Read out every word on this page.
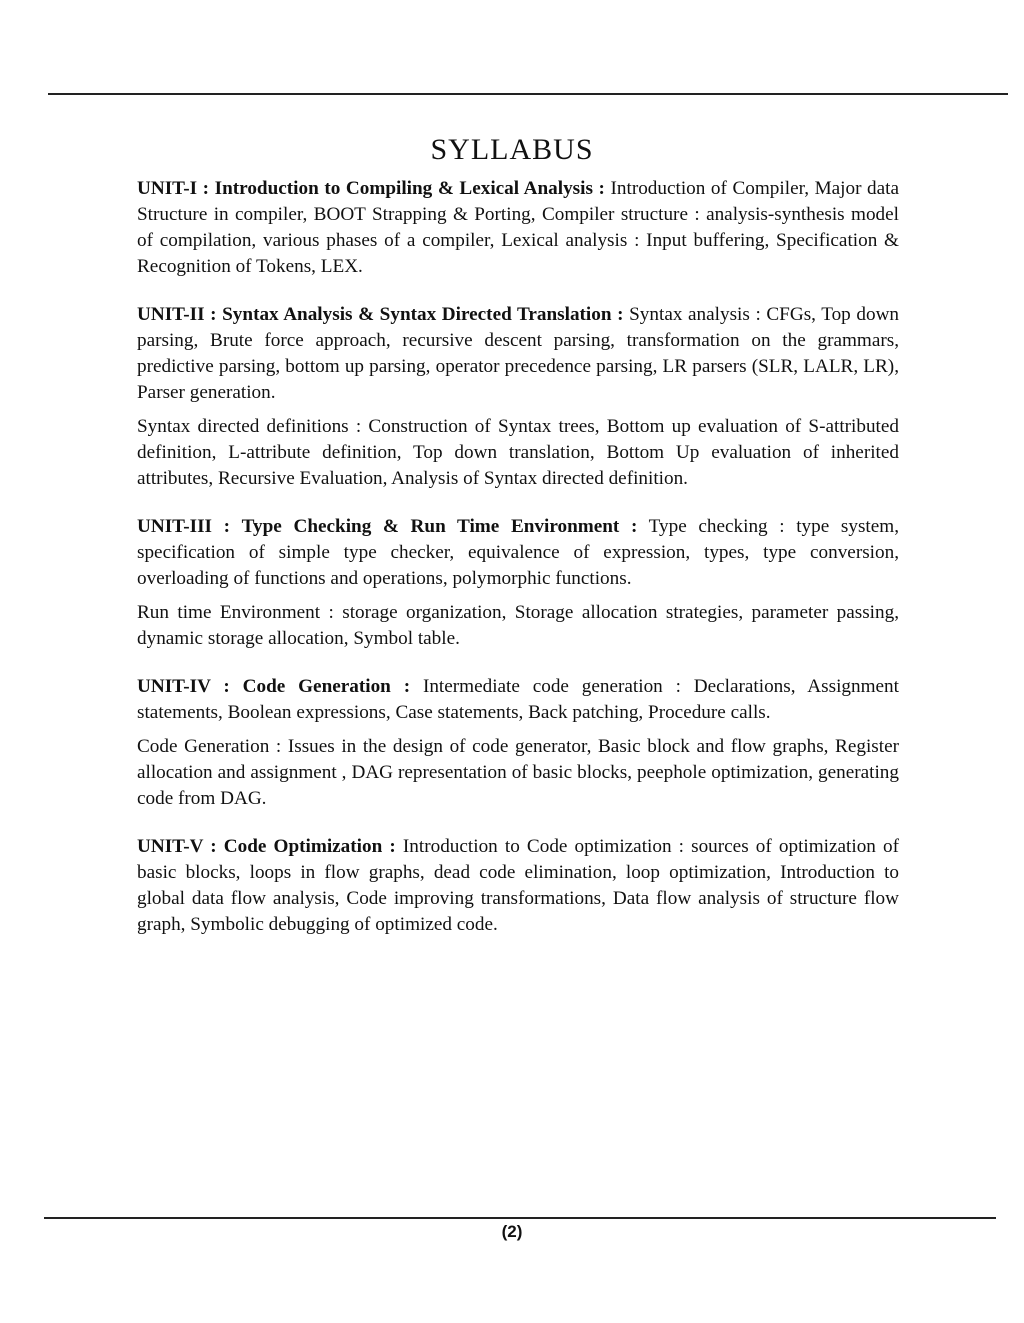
SYLLABUS

UNIT-I : Introduction to Compiling & Lexical Analysis : Introduction of Compiler, Major data Structure in compiler, BOOT Strapping & Porting, Compiler structure : analysis-synthesis model of compilation, various phases of a compiler, Lexical analysis : Input buffering, Specification & Recognition of Tokens, LEX.

UNIT-II : Syntax Analysis & Syntax Directed Translation : Syntax analysis : CFGs, Top down parsing, Brute force approach, recursive descent parsing, transformation on the grammars, predictive parsing, bottom up parsing, operator precedence parsing, LR parsers (SLR, LALR, LR), Parser generation.

Syntax directed definitions : Construction of Syntax trees, Bottom up evaluation of S-attributed definition, L-attribute definition, Top down translation, Bottom Up evaluation of inherited attributes, Recursive Evaluation, Analysis of Syntax directed definition.

UNIT-III : Type Checking & Run Time Environment : Type checking : type system, specification of simple type checker, equivalence of expression, types, type conversion, overloading of functions and operations, polymorphic functions.

Run time Environment : storage organization, Storage allocation strategies, parameter passing, dynamic storage allocation, Symbol table.

UNIT-IV : Code Generation : Intermediate code generation : Declarations, Assignment statements, Boolean expressions, Case statements, Back patching, Procedure calls.

Code Generation : Issues in the design of code generator, Basic block and flow graphs, Register allocation and assignment , DAG representation of basic blocks, peephole optimization, generating code from DAG.

UNIT-V : Code Optimization : Introduction to Code optimization : sources of optimization of basic blocks, loops in flow graphs, dead code elimination, loop optimization, Introduction to global data flow analysis, Code improving transformations, Data flow analysis of structure flow graph, Symbolic debugging of optimized code.

(2)
